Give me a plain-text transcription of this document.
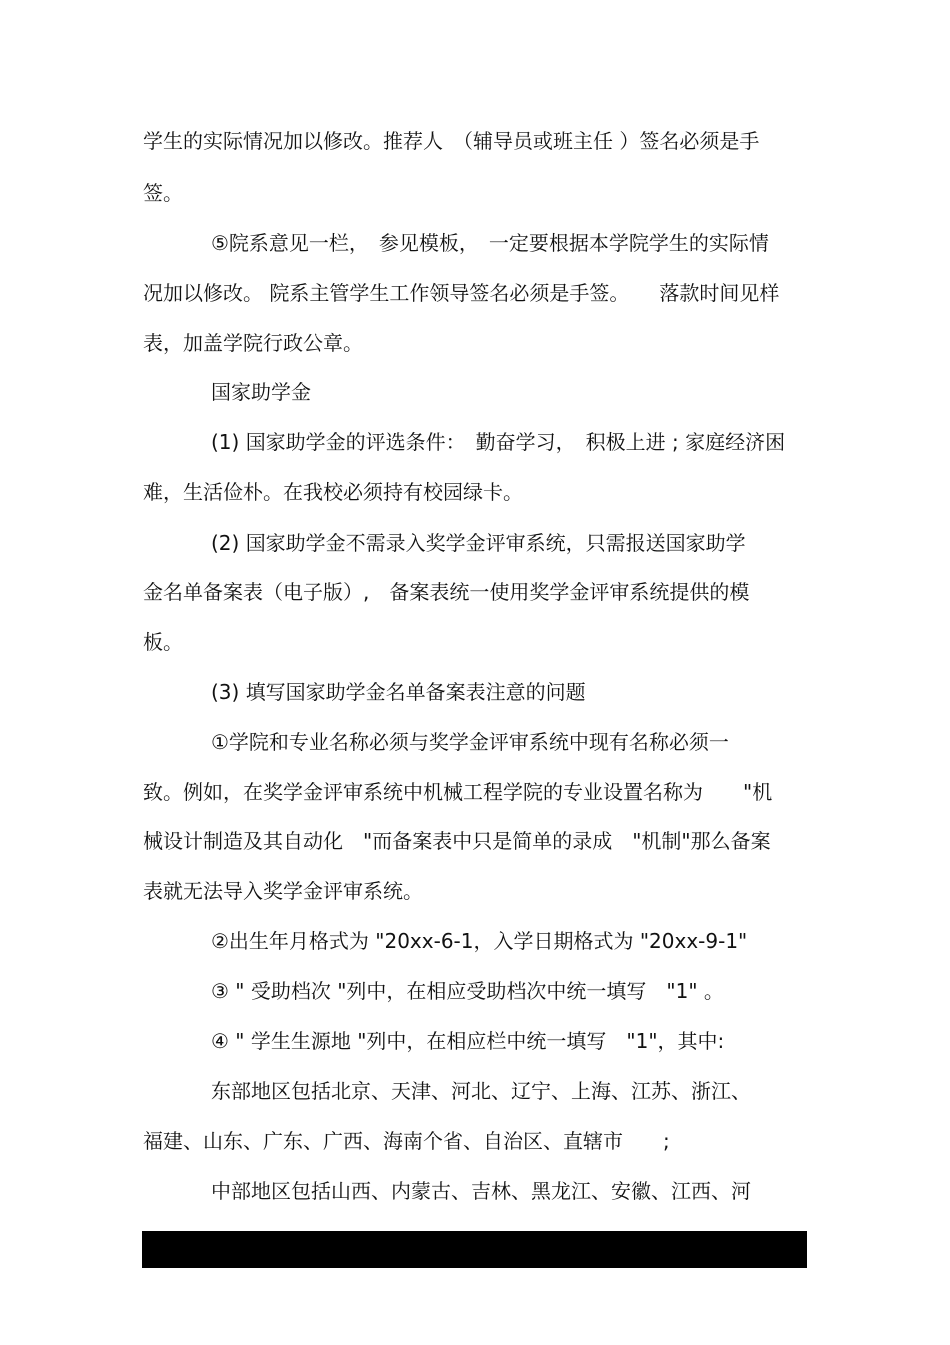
学生的实际情况加以修改。推荐人　（辅导员或班主任 ）签名必须是手
签。
⑤院系意见一栏，　参见模板，　一定要根据本学院学生的实际情
况加以修改。 院系主管学生工作领导签名必须是手签。　　落款时间见样
表，加盖学院行政公章。
国家助学金
(1) 国家助学金的评选条件：　勤奋学习，　积极上进 ; 家庭经济困
难，生活俭朴。在我校必须持有校园绿卡。
(2) 国家助学金不需录入奖学金评审系统，只需报送国家助学
金名单备案表（电子版）,　备案表统一使用奖学金评审系统提供的模
板。
(3) 填写国家助学金名单备案表注意的问题
①学院和专业名称必须与奖学金评审系统中现有名称必须一
致。例如，在奖学金评审系统中机械工程学院的专业设置名称为　　"机
械设计制造及其自动化　"而备案表中只是简单的录成　"机制"那么备案
表就无法导入奖学金评审系统。
②出生年月格式为 "20xx-6-1，入学日期格式为 "20xx-9-1"
③ " 受助档次 "列中，在相应受助档次中统一填写　"1" 。
④ " 学生生源地 "列中，在相应栏中统一填写　"1"，其中:
东部地区包括北京、天津、河北、辽宁、上海、江苏、浙江、
福建、山东、广东、广西、海南个省、自治区、直辖市　　;
中部地区包括山西、内蒙古、吉林、黑龙江、安徽、江西、河
